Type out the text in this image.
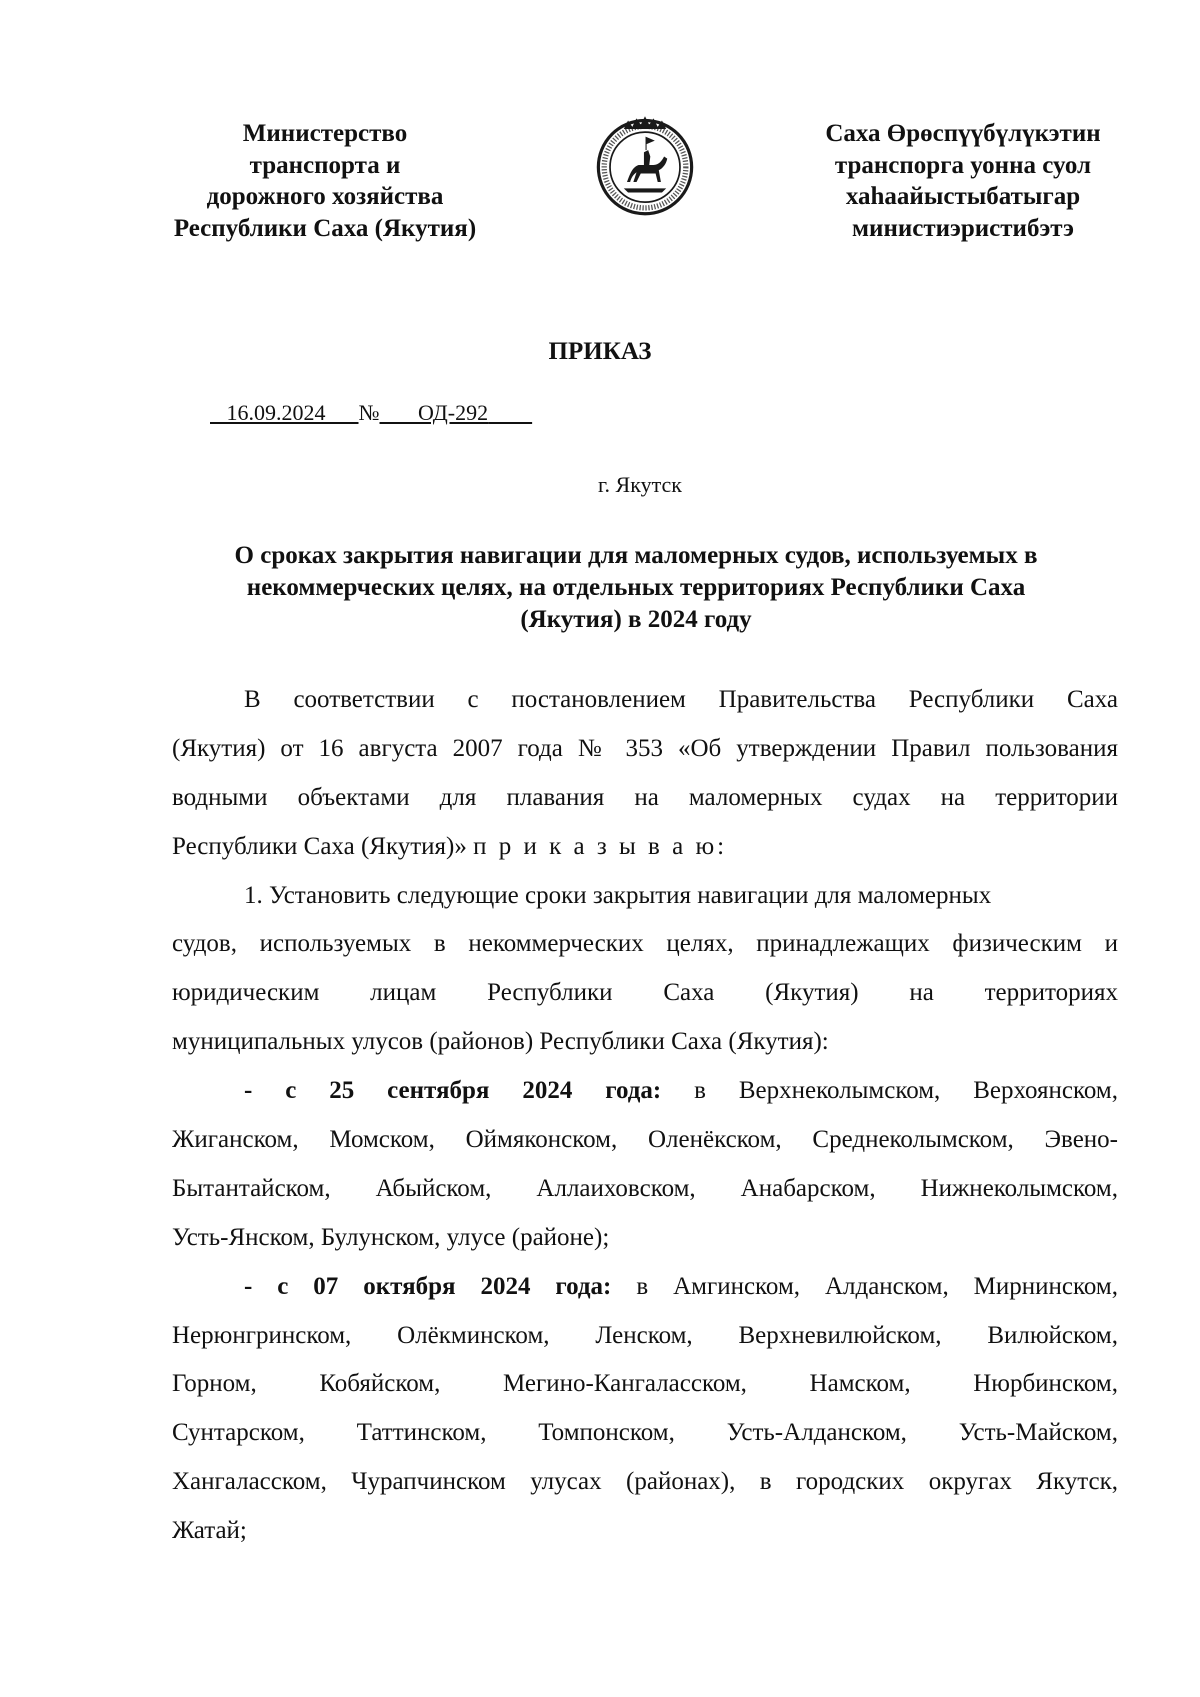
Министерство
транспорта и
дорожного хозяйства
Республики Саха (Якутия)
Саха Өрөспүүбүлүкэтин
транспорга уонна суол
хаһаайыстыбатыгар
министиэристибэтэ
ПРИКАЗ
16.09.2024 № ОД-292
г. Якутск
О сроках закрытия навигации для маломерных судов, используемых в
некоммерческих целях, на отдельных территориях Республики Саха
(Якутия) в 2024 году
В соответствии с постановлением Правительства Республики Саха
(Якутия) от 16 августа 2007 года № 353 «Об утверждении Правил пользования
водными объектами для плавания на маломерных судах на территории
Республики Саха (Якутия)» п р и к а з ы в а ю:
1. Установить следующие сроки закрытия навигации для маломерных
судов, используемых в некоммерческих целях, принадлежащих физическим и
юридическим лицам Республики Саха (Якутия) на территориях
муниципальных улусов (районов) Республики Саха (Якутия):
- с 25 сентября 2024 года: в Верхнеколымском, Верхоянском,
Жиганском, Момском, Оймяконском, Оленёкском, Среднеколымском, Эвено-
Бытантайском, Абыйском, Аллаиховском, Анабарском, Нижнеколымском,
Усть-Янском, Булунском, улусе (районе);
- с 07 октября 2024 года: в Амгинском, Алданском, Мирнинском,
Нерюнгринском, Олёкминском, Ленском, Верхневилюйском, Вилюйском,
Горном, Кобяйском, Мегино-Кангаласском, Намском, Нюрбинском,
Сунтарском, Таттинском, Томпонском, Усть-Алданском, Усть-Майском,
Хангаласском, Чурапчинском улусах (районах), в городских округах Якутск,
Жатай;
